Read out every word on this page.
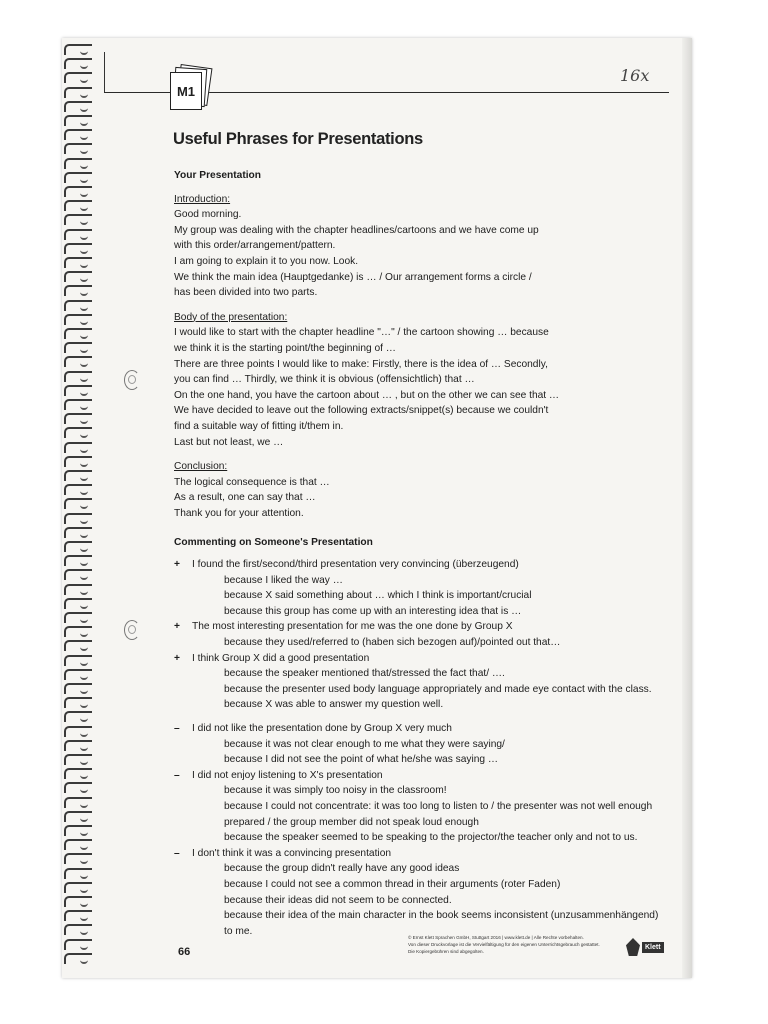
M1
16x
Useful Phrases for Presentations

Your Presentation

Introduction:

Good morning.

My group was dealing with the chapter headlines/cartoons and we have come up

with this order/arrangement/pattern.

I am going to explain it to you now. Look.

We think the main idea (Hauptgedanke) is … / Our arrangement forms a circle /

has been divided into two parts.

Body of the presentation:

I would like to start with the chapter headline "…" / the cartoon showing … because

we think it is the starting point/the beginning of …

There are three points I would like to make: Firstly, there is the idea of … Secondly,

you can find … Thirdly, we think it is obvious (offensichtlich) that …

On the one hand, you have the cartoon about … , but on the other we can see that …

We have decided to leave out the following extracts/snippet(s) because we couldn't

find a suitable way of fitting it/them in.

Last but not least, we …

Conclusion:

The logical consequence is that …

As a result, one can say that …

Thank you for your attention.

Commenting on Someone's Presentation

+ I found the first/second/third presentation very convincing (überzeugend)

because I liked the way …

because X said something about … which I think is important/crucial

because this group has come up with an interesting idea that is …

+ The most interesting presentation for me was the one done by Group X

because they used/referred to (haben sich bezogen auf)/pointed out that…

+ I think Group X did a good presentation

because the speaker mentioned that/stressed the fact that/ ….

because the presenter used body language appropriately and made eye contact with the class.

because X was able to answer my question well.

– I did not like the presentation done by Group X very much

because it was not clear enough to me what they were saying/

because I did not see the point of what he/she was saying …

– I did not enjoy listening to X's presentation

because it was simply too noisy in the classroom!

because I could not concentrate: it was too long to listen to / the presenter was not well enough

prepared / the group member did not speak loud enough

because the speaker seemed to be speaking to the projector/the teacher only and not to us.

– I don't think it was a convincing presentation

because the group didn't really have any good ideas

because I could not see a common thread in their arguments (roter Faden)

because their ideas did not seem to be connected.

because their idea of the main character in the book seems inconsistent (unzusammenhängend)

to me.

66
© Ernst Klett Sprachen GmbH, Stuttgart 2016 | www.klett.de | Alle Rechte vorbehalten.
Von dieser Druckvorlage ist die Vervielfältigung für den eigenen Unterrichtsgebrauch gestattet.
Die Kopiergebühren sind abgegolten.
Klett
